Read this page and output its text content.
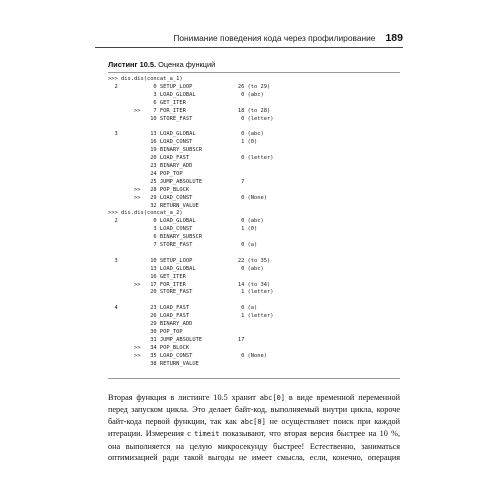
Понимание поведения кода через профилирование 189
Листинг 10.5. Оценка функций
>>> dis.dis(concat_a_1)
2           0 SETUP_LOOP              26 (to 29)
3 LOAD_GLOBAL              0 (abc)
6 GET_ITER
>>    7 FOR_ITER                18 (to 28)
10 STORE_FAST               0 (letter)

3          13 LOAD_GLOBAL              0 (abc)
16 LOAD_CONST               1 (0)
19 BINARY_SUBSCR
20 LOAD_FAST                0 (letter)
23 BINARY_ADD
24 POP_TOP
25 JUMP_ABSOLUTE            7
>>   28 POP_BLOCK
>>   29 LOAD_CONST               0 (None)
32 RETURN_VALUE
>>> dis.dis(concat_a_2)
2           0 LOAD_GLOBAL              0 (abc)
3 LOAD_CONST               1 (0)
6 BINARY_SUBSCR
7 STORE_FAST               0 (a)

3          10 SETUP_LOOP              22 (to 35)
13 LOAD_GLOBAL              0 (abc)
16 GET_ITER
>>   17 FOR_ITER                14 (to 34)
20 STORE_FAST               1 (letter)

4          23 LOAD_FAST                0 (a)
26 LOAD_FAST                1 (letter)
29 BINARY_ADD
30 POP_TOP
31 JUMP_ABSOLUTE           17
>>   34 POP_BLOCK
>>   35 LOAD_CONST               0 (None)
38 RETURN_VALUE
Вторая функция в листинге 10.5 хранит abc[0] в виде временной переменной
перед запуском цикла. Это делает байт-код, выполняемый внутри цикла, короче
байт-кода первой функции, так как abc[0] не осуществляет поиск при каждой
итерации. Измерения с timeit показывают, что вторая версия быстрее на 10 %,
она выполняется на целую микросекунду быстрее! Естественно, заниматься
оптимизацией ради такой выгоды не имеет смысла, если, конечно, операция
